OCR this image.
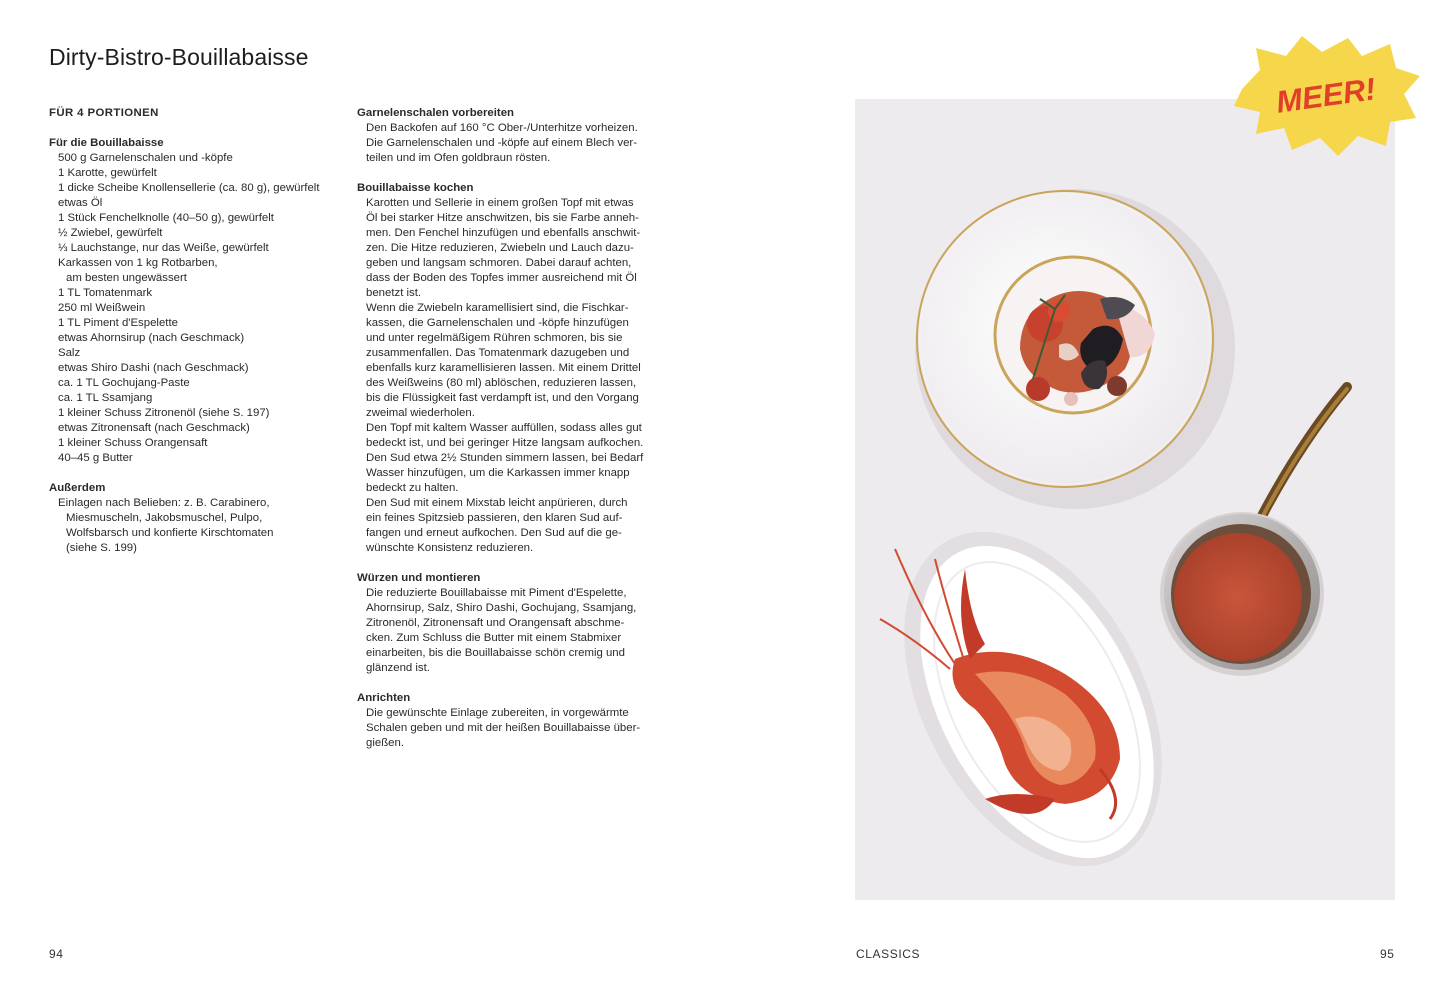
Dirty-Bistro-Bouillabaisse
FÜR 4 PORTIONEN
Für die Bouillabaisse
500 g Garnelenschalen und -köpfe
1 Karotte, gewürfelt
1 dicke Scheibe Knollensellerie (ca. 80 g), gewürfelt
etwas Öl
1 Stück Fenchelknolle (40–50 g), gewürfelt
½ Zwiebel, gewürfelt
⅓ Lauchstange, nur das Weiße, gewürfelt
Karkassen von 1 kg Rotbarben,
am besten ungewässert
1 TL Tomatenmark
250 ml Weißwein
1 TL Piment d'Espelette
etwas Ahornsirup (nach Geschmack)
Salz
etwas Shiro Dashi (nach Geschmack)
ca. 1 TL Gochujang-Paste
ca. 1 TL Ssamjang
1 kleiner Schuss Zitronenöl (siehe S. 197)
etwas Zitronensaft (nach Geschmack)
1 kleiner Schuss Orangensaft
40–45 g Butter
Außerdem
Einlagen nach Belieben: z. B. Carabinero,
Miesmuscheln, Jakobsmuschel, Pulpo,
Wolfsbarsch und konfierte Kirschtomaten
(siehe S. 199)
Garnelenschalen vorbereiten
Den Backofen auf 160 °C Ober-/Unterhitze vorheizen.
Die Garnelenschalen und -köpfe auf einem Blech ver-
teilen und im Ofen goldbraun rösten.
Bouillabaisse kochen
Karotten und Sellerie in einem großen Topf mit etwas
Öl bei starker Hitze anschwitzen, bis sie Farbe anneh-
men. Den Fenchel hinzufügen und ebenfalls anschwit-
zen. Die Hitze reduzieren, Zwiebeln und Lauch dazu-
geben und langsam schmoren. Dabei darauf achten,
dass der Boden des Topfes immer ausreichend mit Öl
benetzt ist.
Wenn die Zwiebeln karamellisiert sind, die Fischkar-
kassen, die Garnelenschalen und -köpfe hinzufügen
und unter regelmäßigem Rühren schmoren, bis sie
zusammenfallen. Das Tomatenmark dazugeben und
ebenfalls kurz karamellisieren lassen. Mit einem Drittel
des Weißweins (80 ml) ablöschen, reduzieren lassen,
bis die Flüssigkeit fast verdampft ist, und den Vorgang
zweimal wiederholen.
Den Topf mit kaltem Wasser auffüllen, sodass alles gut
bedeckt ist, und bei geringer Hitze langsam aufkochen.
Den Sud etwa 2½ Stunden simmern lassen, bei Bedarf
Wasser hinzufügen, um die Karkassen immer knapp
bedeckt zu halten.
Den Sud mit einem Mixstab leicht anpürieren, durch
ein feines Spitzsieb passieren, den klaren Sud auf-
fangen und erneut aufkochen. Den Sud auf die ge-
wünschte Konsistenz reduzieren.
Würzen und montieren
Die reduzierte Bouillabaisse mit Piment d'Espelette,
Ahornsirup, Salz, Shiro Dashi, Gochujang, Ssamjang,
Zitronenöl, Zitronensaft und Orangensaft abschme-
cken. Zum Schluss die Butter mit einem Stabmixer
einarbeiten, bis die Bouillabaisse schön cremig und
glänzend ist.
Anrichten
Die gewünschte Einlage zubereiten, in vorgewärmte
Schalen geben und mit der heißen Bouillabaisse über-
gießen.
MEER!
94	CLASSICS	95
